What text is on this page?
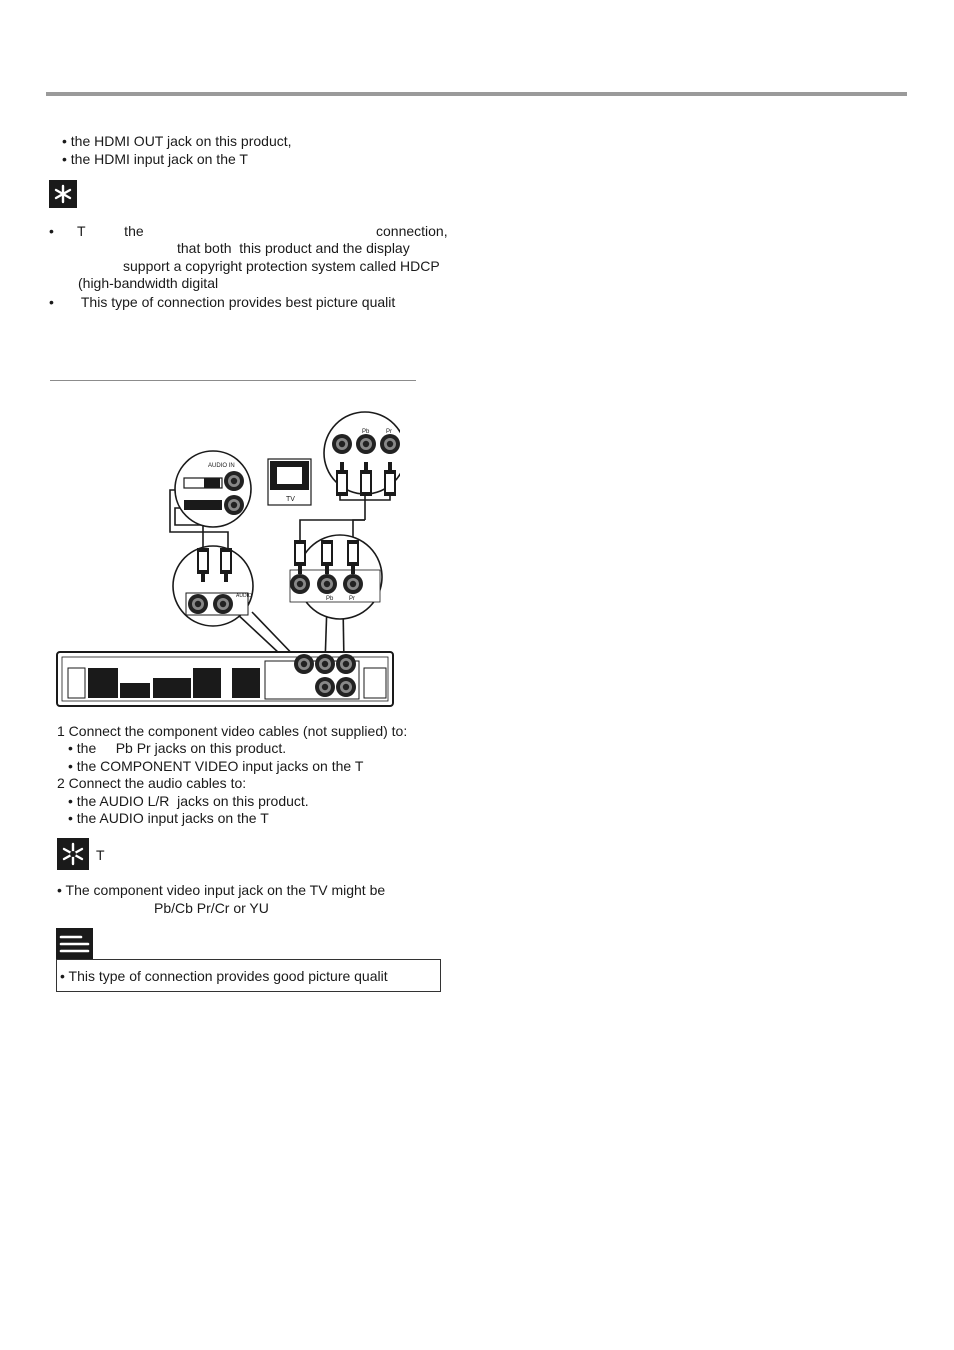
• the HDMI OUT jack on this product,
• the HDMI input jack on the T
•      T          the	connection,
that both  this product and the display
support a copyright protection system called HDCP
(high-bandwidth digital
•       This type of connection provides best picture qualit
TV
Pb	Pr
AUDIO IN
AUDIO	Pb	Pr
1 Connect the component video cables (not supplied) to:
• the     Pb Pr jacks on this product.
• the COMPONENT VIDEO input jacks on the T
2 Connect the audio cables to:
• the AUDIO L/R  jacks on this product.
• the AUDIO input jacks on the T
T
• The component video input jack on the TV might be
Pb/Cb Pr/Cr or YU
• This type of connection provides good picture qualit
